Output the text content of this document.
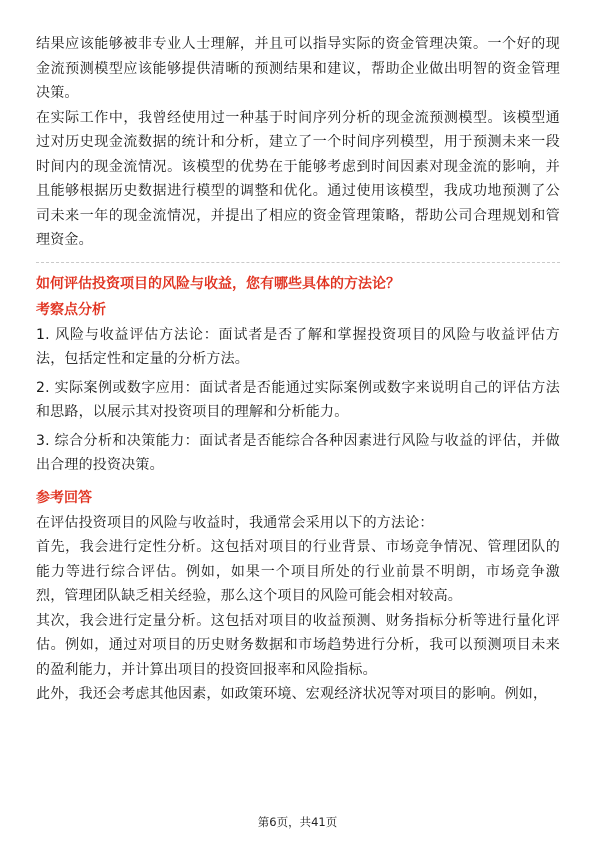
结果应该能够被非专业人士理解，并且可以指导实际的资金管理决策。一个好的现金流预测模型应该能够提供清晰的预测结果和建议，帮助企业做出明智的资金管理决策。

在实际工作中，我曾经使用过一种基于时间序列分析的现金流预测模型。该模型通过对历史现金流数据的统计和分析，建立了一个时间序列模型，用于预测未来一段时间内的现金流情况。该模型的优势在于能够考虑到时间因素对现金流的影响，并且能够根据历史数据进行模型的调整和优化。通过使用该模型，我成功地预测了公司未来一年的现金流情况，并提出了相应的资金管理策略，帮助公司合理规划和管理资金。

如何评估投资项目的风险与收益，您有哪些具体的方法论？

考察点分析

1. 风险与收益评估方法论：面试者是否了解和掌握投资项目的风险与收益评估方法，包括定性和定量的分析方法。
2. 实际案例或数字应用：面试者是否能通过实际案例或数字来说明自己的评估方法和思路，以展示其对投资项目的理解和分析能力。
3. 综合分析和决策能力：面试者是否能综合各种因素进行风险与收益的评估，并做出合理的投资决策。

参考回答

在评估投资项目的风险与收益时，我通常会采用以下的方法论：

首先，我会进行定性分析。这包括对项目的行业背景、市场竞争情况、管理团队的能力等进行综合评估。例如，如果一个项目所处的行业前景不明朗，市场竞争激烈，管理团队缺乏相关经验，那么这个项目的风险可能会相对较高。

其次，我会进行定量分析。这包括对项目的收益预测、财务指标分析等进行量化评估。例如，通过对项目的历史财务数据和市场趋势进行分析，我可以预测项目未来的盈利能力，并计算出项目的投资回报率和风险指标。

此外，我还会考虑其他因素，如政策环境、宏观经济状况等对项目的影响。例如，

第6页，共41页
